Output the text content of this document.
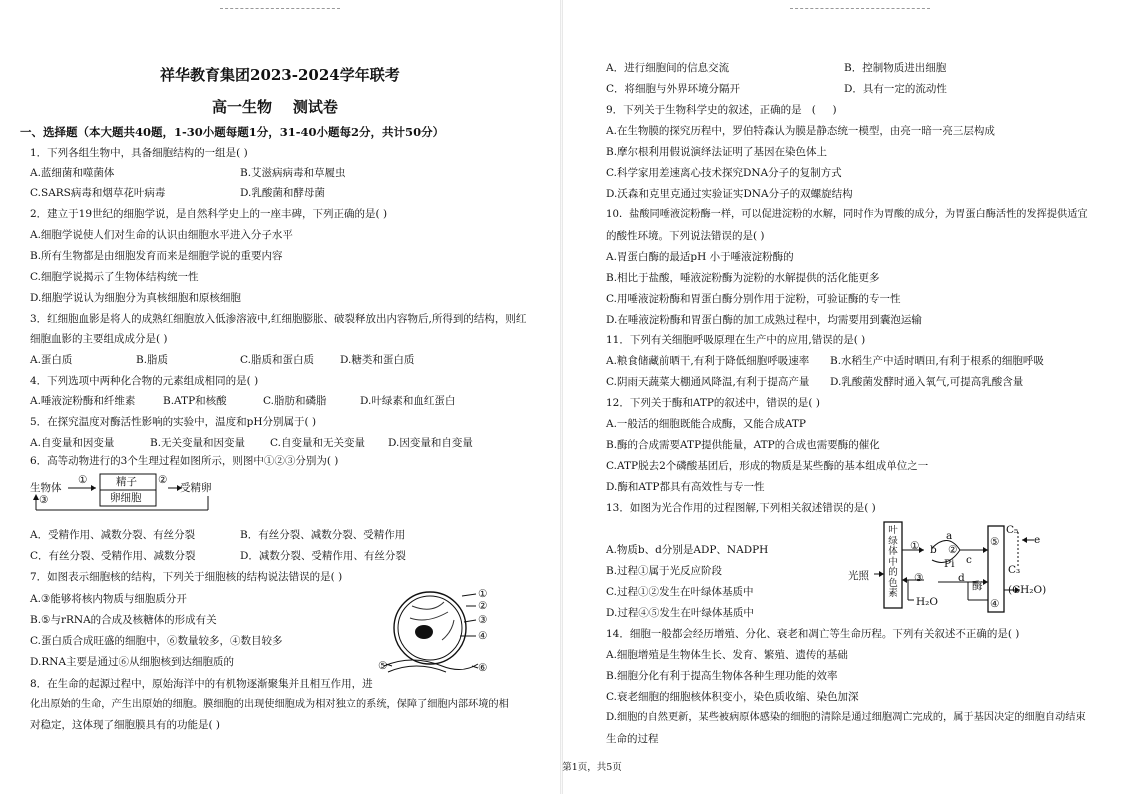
祥华教育集团2023-2024学年联考
高一生物    测试卷
一、选择题（本大题共40题，1-30小题每题1分，31-40小题每2分，共计50分）
1．下列各组生物中，具备细胞结构的一组是( )
A.蓝细菌和噬菌体	B.艾滋病病毒和草履虫
C.SARS病毒和烟草花叶病毒	D.乳酸菌和酵母菌
2．建立于19世纪的细胞学说，是自然科学史上的一座丰碑，下列正确的是( )
A.细胞学说使人们对生命的认识由细胞水平进入分子水平
B.所有生物都是由细胞发育而来是细胞学说的重要内容
C.细胞学说揭示了生物体结构统一性
D.细胞学说认为细胞分为真核细胞和原核细胞
3．红细胞血影是将人的成熟红细胞放入低渗溶液中,红细胞膨胀、破裂释放出内容物后,所得到的结构，则红
细胞血影的主要组成成分是( )
A.蛋白质	B.脂质	C.脂质和蛋白质 D.糖类和蛋白质
4．下列选项中两种化合物的元素组成相同的是( )
A.唾液淀粉酶和纤维素	B.ATP和核酸	C.脂肪和磷脂	D.叶绿素和血红蛋白
5．在探究温度对酶活性影响的实验中，温度和pH分别属于( )
A.自变量和因变量	B.无关变量和因变量 C.自变量和无关变量 D.因变量和自变量
6．高等动物进行的3个生理过程如图所示，则图中①②③分别为( )
生物体
①	精子
卵细胞
②
受精卵
③
A．受精作用、减数分裂、有丝分裂	B．有丝分裂、减数分裂、受精作用
C．有丝分裂、受精作用、减数分裂	D．减数分裂、受精作用、有丝分裂
7．如图表示细胞核的结构，下列关于细胞核的结构说法错误的是( )
A.③能够将核内物质与细胞质分开
B.⑤与rRNA的合成及核糖体的形成有关
C.蛋白质合成旺盛的细胞中，⑥数量较多，④数目较多
D.RNA主要是通过⑥从细胞核到达细胞质的
①
②
③
④
⑤	⑥
8．在生命的起源过程中，原始海洋中的有机物逐渐聚集并且相互作用，进
化出原始的生命，产生出原始的细胞。膜细胞的出现使细胞成为相对独立的系统，保障了细胞内部环境的相
对稳定，这体现了细胞膜具有的功能是( )
A．进行细胞间的信息交流	B．控制物质进出细胞
C．将细胞与外界环境分隔开	D．具有一定的流动性
9．下列关于生物科学史的叙述，正确的是   (     )
A.在生物膜的探究历程中，罗伯特森认为膜是静态统一模型，由亮一暗一亮三层构成
B.摩尔根利用假说演绎法证明了基因在染色体上
C.科学家用差速离心技术探究DNA分子的复制方式
D.沃森和克里克通过实验证实DNA分子的双螺旋结构
10．盐酸同唾液淀粉酶一样，可以促进淀粉的水解，同时作为胃酸的成分，为胃蛋白酶活性的发挥提供适宜
的酸性环境。下列说法错误的是( )
A.胃蛋白酶的最适pH 小于唾液淀粉酶的
B.相比于盐酸，唾液淀粉酶为淀粉的水解提供的活化能更多
C.用唾液淀粉酶和胃蛋白酶分别作用于淀粉，可验证酶的专一性
D.在唾液淀粉酶和胃蛋白酶的加工成熟过程中，均需要用到囊泡运输
11．下列有关细胞呼吸原理在生产中的应用,错误的是( )
A.粮食储藏前晒干,有利于降低细胞呼吸速率 B.水稻生产中适时晒田,有利于根系的细胞呼吸
C.阴雨天蔬菜大棚通风降温,有利于提高产量 D.乳酸菌发酵时通入氧气,可提高乳酸含量
12．下列关于酶和ATP的叙述中，错误的是( )
A.一般活的细胞既能合成酶，又能合成ATP
B.酶的合成需要ATP提供能量，ATP的合成也需要酶的催化
C.ATP脱去2个磷酸基团后，形成的物质是某些酶的基本组成单位之一
D.酶和ATP都具有高效性与专一性
13．如图为光合作用的过程图解,下列相关叙述错误的是( )
A.物质b、d分别是ADP、NADPH
B.过程①属于光反应阶段
C.过程①②发生在叶绿体基质中
D.过程④⑤发生在叶绿体基质中
光照
叶绿体中的色素
①
a
b ②
Pi c
③	d
H₂O
酶
C₅
C₃
e
④
⑤
(CH₂O)
14．细胞一般都会经历增殖、分化、衰老和凋亡等生命历程。下列有关叙述不正确的是( )
A.细胞增殖是生物体生长、发育、繁殖、遗传的基础
B.细胞分化有利于提高生物体各种生理功能的效率
C.衰老细胞的细胞核体积变小，染色质收缩、染色加深
D.细胞的自然更新，某些被病原体感染的细胞的清除是通过细胞凋亡完成的，属于基因决定的细胞自动结束
生命的过程
第1页，共5页
